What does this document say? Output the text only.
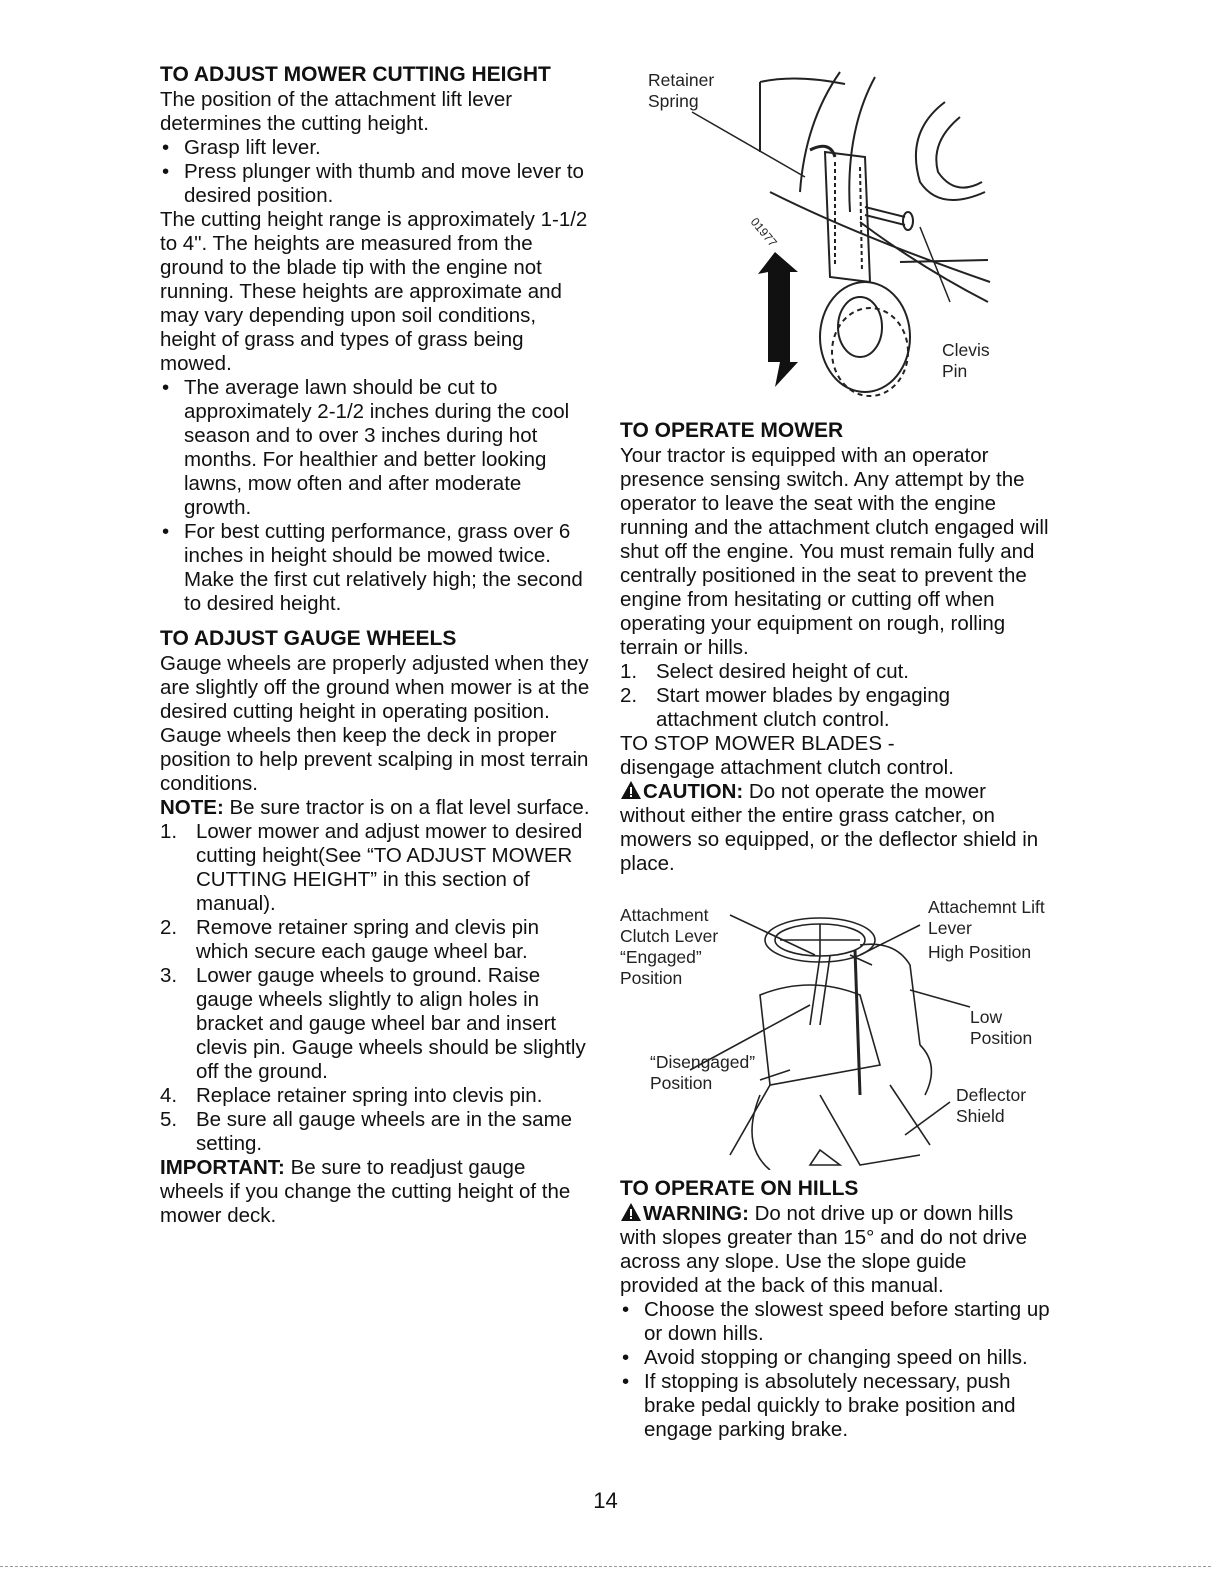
TO ADJUST MOWER CUTTING HEIGHT

The position of the attachment lift lever determines the cutting height.

• Grasp lift lever.
• Press plunger with thumb and move lever to desired position.

The cutting height range is approximately 1-1/2 to 4". The heights are measured from the ground to the blade tip with the engine not running. These heights are approximate and may vary depending upon soil conditions, height of grass and types of grass being mowed.

• The average lawn should be cut to approximately 2-1/2 inches during the cool season and to over 3 inches during hot months. For healthier and better looking lawns, mow often and after moderate growth.
• For best cutting performance, grass over 6 inches in height should be mowed twice. Make the first cut relatively high; the second to desired height.
TO ADJUST GAUGE WHEELS

Gauge wheels are properly adjusted when they are slightly off the ground when mower is at the desired cutting height in operating position. Gauge wheels then keep the deck in proper position to help prevent scalping in most terrain conditions.

NOTE: Be sure tractor is on a flat level surface.

1. Lower mower and adjust mower to desired cutting height(See “TO ADJUST MOWER CUTTING HEIGHT” in this section of manual).
2. Remove retainer spring and clevis pin which secure each gauge wheel bar.
3. Lower gauge wheels to ground. Raise gauge wheels slightly to align holes in bracket and gauge wheel bar and insert clevis pin. Gauge wheels should be slightly off the ground.
4. Replace retainer spring into clevis pin.
5. Be sure all gauge wheels are in the same setting.

IMPORTANT: Be sure to readjust gauge wheels if you change the cutting height of the mower deck.

01977
Retainer Spring
Clevis Pin
TO OPERATE MOWER

Your tractor is equipped with an operator presence sensing switch. Any attempt by the operator to leave the seat with the engine running and the attachment clutch engaged will shut off the engine. You must remain fully and centrally positioned in the seat to prevent the engine from hesitating or cutting off when operating your equipment on rough, rolling terrain or hills.

1. Select desired height of cut.
2. Start mower blades by engaging attachment clutch control.

TO STOP MOWER BLADES -

disengage attachment clutch control.

CAUTION: Do not operate the mower without either the entire grass catcher, on mowers so equipped, or the deflector shield in place.

Attachment Clutch Lever “Engaged” Position
Attachemnt Lift Lever
High Position
Low Position
“Disengaged” Position
Deflector Shield
TO OPERATE ON HILLS

WARNING: Do not drive up or down hills with slopes greater than 15° and do not drive across any slope. Use the slope guide provided at the back of this manual.

• Choose the slowest speed before starting up or down hills.
• Avoid stopping or changing speed on hills.
• If stopping is absolutely necessary, push brake pedal quickly to brake position and engage parking brake.
14
